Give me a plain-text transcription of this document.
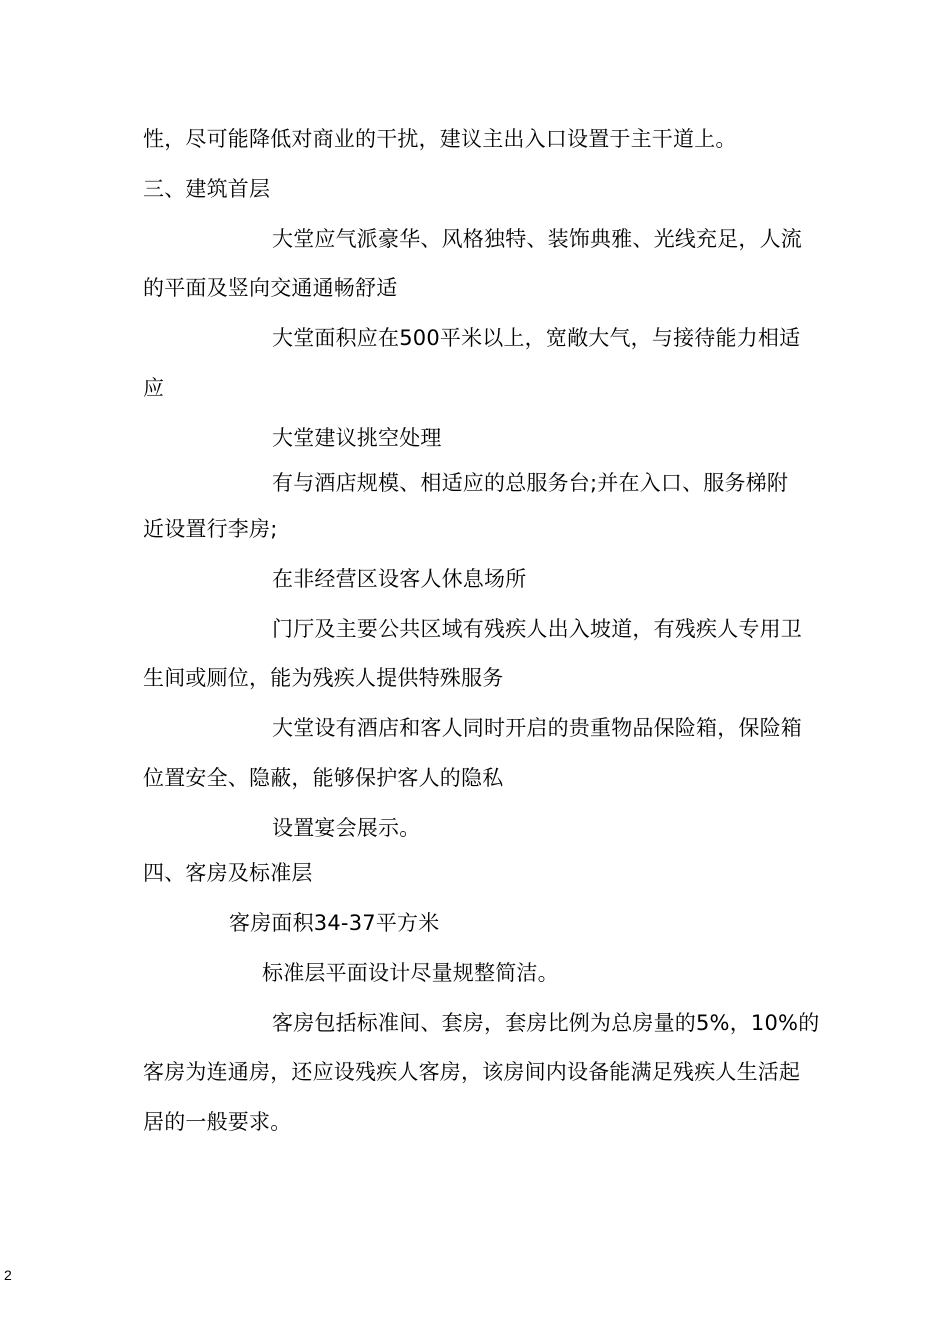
性，尽可能降低对商业的干扰，建议主出入口设置于主干道上。
三、建筑首层
大堂应气派豪华、风格独特、装饰典雅、光线充足，人流
的平面及竖向交通通畅舒适
大堂面积应在500平米以上，宽敞大气，与接待能力相适
应
大堂建议挑空处理
有与酒店规模、相适应的总服务台;并在入口、服务梯附
近设置行李房;
在非经营区设客人休息场所
门厅及主要公共区域有残疾人出入坡道，有残疾人专用卫
生间或厕位，能为残疾人提供特殊服务
大堂设有酒店和客人同时开启的贵重物品保险箱，保险箱
位置安全、隐蔽，能够保护客人的隐私
设置宴会展示。
四、客房及标准层
客房面积34-37平方米
标准层平面设计尽量规整简洁。
客房包括标准间、套房，套房比例为总房量的5%，10%的
客房为连通房，还应设残疾人客房，该房间内设备能满足残疾人生活起
居的一般要求。
2
